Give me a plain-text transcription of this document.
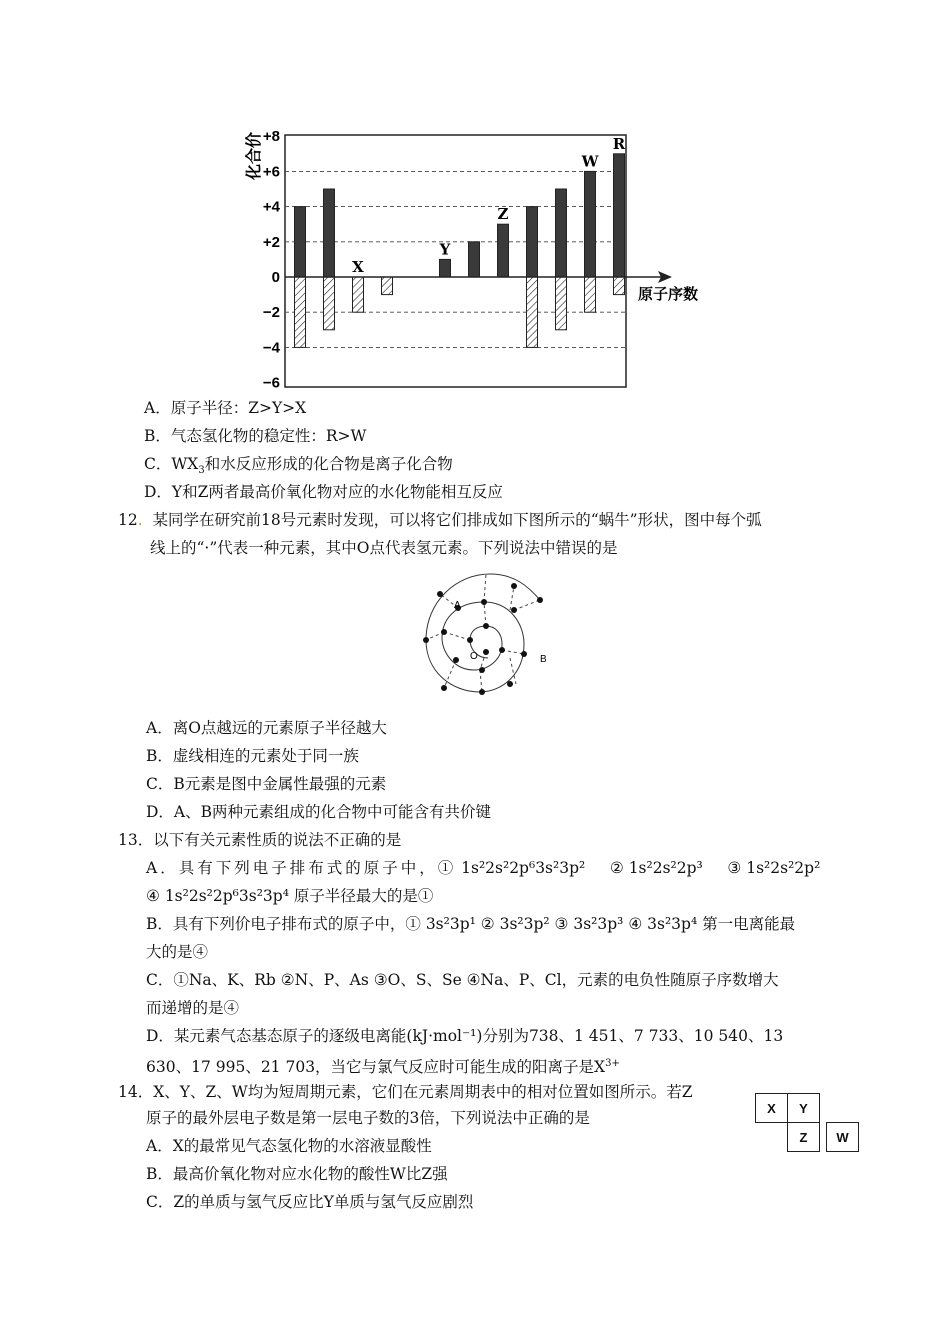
X
Y
Z
W
R
+8
+6
+4
+2
0
−2
−4
−6
原子序数
化合价
A．原子半径：Z>Y>X
B．气态氢化物的稳定性：R>W
C．$WX_3$和水反应形成的化合物是离子化合物
D．Y和Z两者最高价氧化物对应的水化物能相互反应
12. 某同学在研究前18号元素时发现，可以将它们排成如下图所示的“蜗牛”形状，图中每个弧
线上的“·”代表一种元素，其中O点代表氢元素。下列说法中错误的是
O
A
B
A．离O点越远的元素原子半径越大
B．虚线相连的元素处于同一族
C．B元素是图中金属性最强的元素
D．A、B两种元素组成的化合物中可能含有共价键
13．以下有关元素性质的说法不正确的是
A．具有下列电子排布式的原子中，① 1s²2s²2p⁶3s²3p² ② 1s²2s²2p³ ③ 1s²2s²2p²
④ 1s²2s²2p⁶3s²3p⁴ 原子半径最大的是①
B．具有下列价电子排布式的原子中，① 3s²3p¹ ② 3s²3p² ③ 3s²3p³ ④ 3s²3p⁴ 第一电离能最
大的是④
C．①Na、K、Rb ②N、P、As ③O、S、Se ④Na、P、Cl，元素的电负性随原子序数增大
而递增的是④
D．某元素气态基态原子的逐级电离能(kJ·mol⁻¹)分别为738、1 451、7 733、10 540、13
630、17 995、21 703，当它与氯气反应时可能生成的阳离子是$X^{3+}$
14．X、Y、Z、W均为短周期元素，它们在元素周期表中的相对位置如图所示。若Z
原子的最外层电子数是第一层电子数的3倍，下列说法中正确的是
A．X的最常见气态氢化物的水溶液显酸性
B．最高价氧化物对应水化物的酸性W比Z强
C．Z的单质与氢气反应比Y单质与氢气反应剧烈
X	Y
Z	W
